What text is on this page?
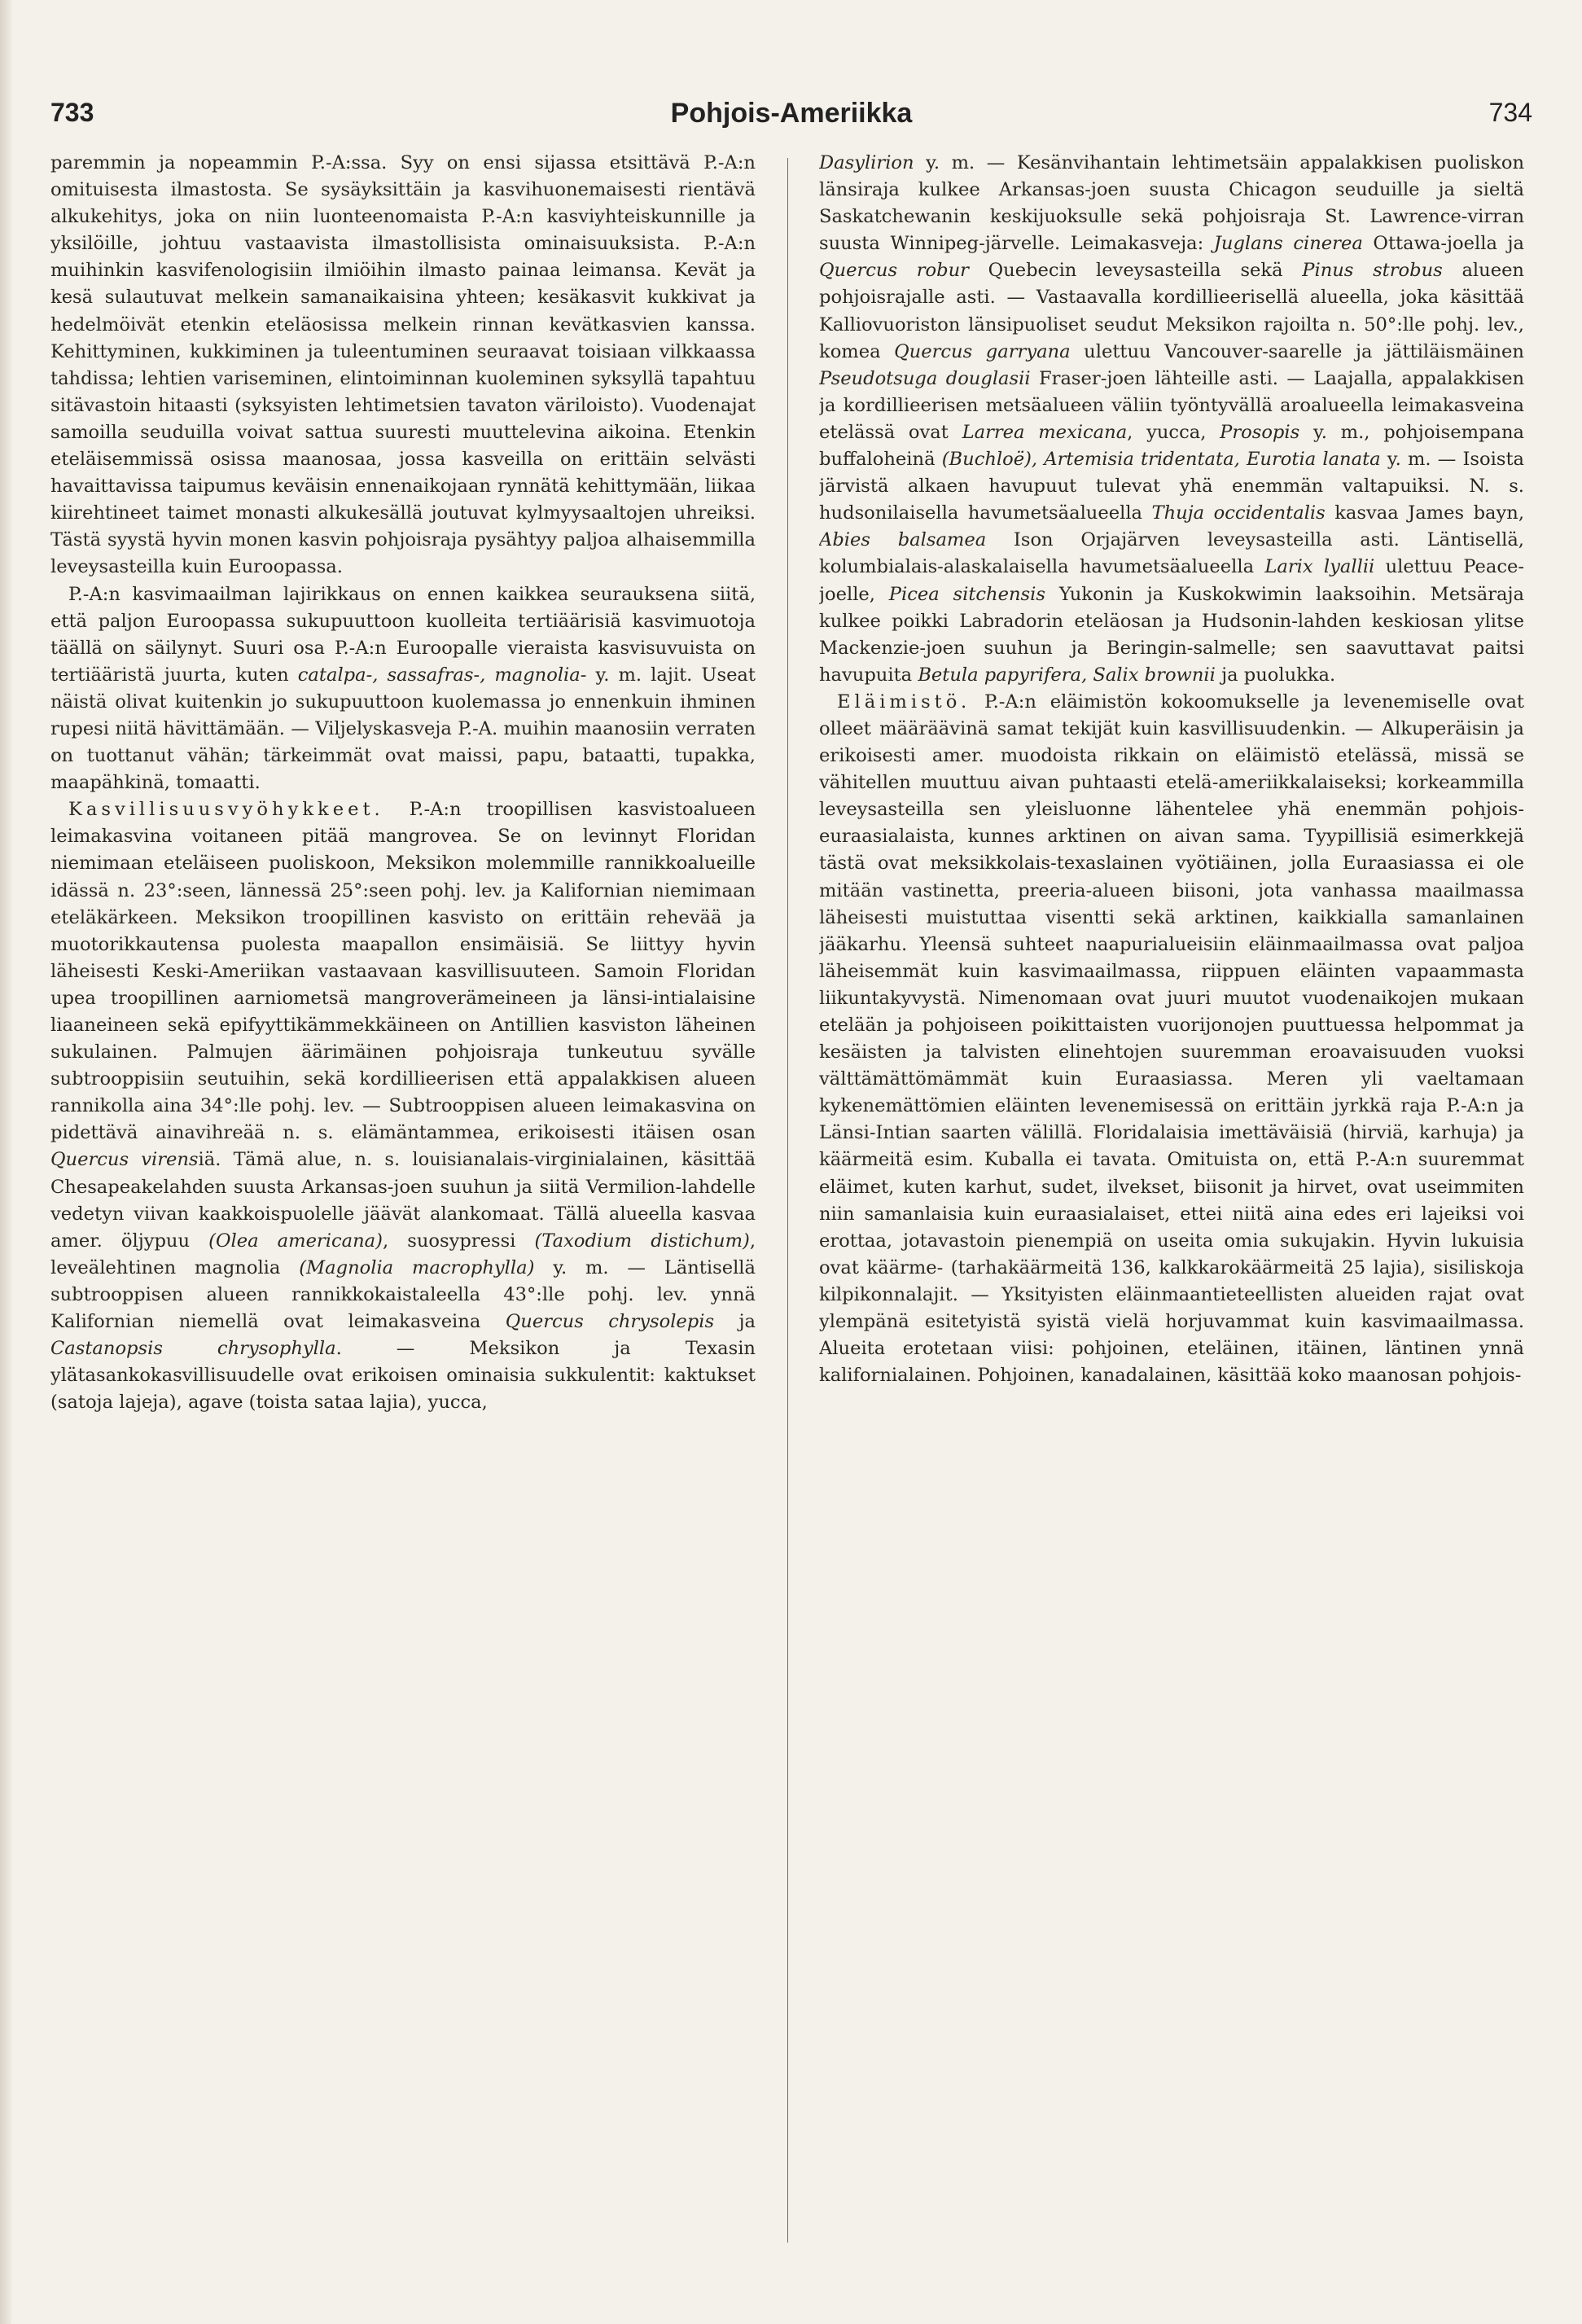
733	Pohjois-Ameriikka	734

paremmin ja nopeammin P.-A:ssa. Syy on ensi sijassa etsittävä P.-A:n omituisesta ilmastosta. Se sysäyksittäin ja kasvihuonemaisesti rientävä alkukehitys, joka on niin luonteenomaista P.-A:n kasviyhteiskunnille ja yksilöille, johtuu vastaavista ilmastollisista ominaisuuksista. P.-A:n muihinkin kasvifenologisiin ilmiöihin ilmasto painaa leimansa. Kevät ja kesä sulautuvat melkein samanaikaisina yhteen; kesäkasvit kukkivat ja hedelmöivät etenkin eteläosissa melkein rinnan kevätkasvien kanssa. Kehittyminen, kukkiminen ja tuleentuminen seuraavat toisiaan vilkkaassa tahdissa; lehtien variseminen, elintoiminnan kuoleminen syksyllä tapahtuu sitävastoin hitaasti (syksyisten lehtimetsien tavaton väriloisto). Vuodenajat samoilla seuduilla voivat sattua suuresti muuttelevina aikoina. Etenkin eteläisemmissä osissa maanosaa, jossa kasveilla on erittäin selvästi havaittavissa taipumus keväisin ennenaikojaan rynnätä kehittymään, liikaa kiirehtineet taimet monasti alkukesällä joutuvat kylmyysaaltojen uhreiksi. Tästä syystä hyvin monen kasvin pohjoisraja pysähtyy paljoa alhaisemmilla leveysasteilla kuin Euroopassa.

P.-A:n kasvimaailman lajirikkaus on ennen kaikkea seurauksena siitä, että paljon Euroopassa sukupuuttoon kuolleita tertiäärisiä kasvimuotoja täällä on säilynyt. Suuri osa P.-A:n Euroopalle vieraista kasvisuvuista on tertiääristä juurta, kuten catalpa-, sassafras-, magnolia- y. m. lajit. Useat näistä olivat kuitenkin jo sukupuuttoon kuolemassa jo ennenkuin ihminen rupesi niitä hävittämään. — Viljelyskasveja P.-A. muihin maanosiin verraten on tuottanut vähän; tärkeimmät ovat maissi, papu, bataatti, tupakka, maapähkinä, tomaatti.

Kasvillisuusvyöhykkeet. P.-A:n troopillisen kasvistoalueen leimakasvina voitaneen pitää mangrovea. Se on levinnyt Floridan niemimaan eteläiseen puoliskoon, Meksikon molemmille rannikkoalueille idässä n. 23°:seen, lännessä 25°:seen pohj. lev. ja Kalifornian niemimaan eteläkärkeen. Meksikon troopillinen kasvisto on erittäin rehevää ja muotorikkautensa puolesta maapallon ensimäisiä. Se liittyy hyvin läheisesti Keski-Ameriikan vastaavaan kasvillisuuteen. Samoin Floridan upea troopillinen aarniometsä mangroverämeineen ja länsi-intialaisine liaaneineen sekä epifyyttikämmekkäineen on Antillien kasviston läheinen sukulainen. Palmujen äärimäinen pohjoisraja tunkeutuu syvälle subtrooppisiin seutuihin, sekä kordillieerisen että appalakkisen alueen rannikolla aina 34°:lle pohj. lev. — Subtrooppisen alueen leimakasvina on pidettävä ainavihreää n. s. elämäntammea, erikoisesti itäisen osan Quercus virensiä. Tämä alue, n. s. louisianalais-virginialainen, käsittää Chesapeakelahden suusta Arkansas-joen suuhun ja siitä Vermilion-lahdelle vedetyn viivan kaakkoispuolelle jäävät alankomaat. Tällä alueella kasvaa amer. öljypuu (Olea americana), suosypressi (Taxodium distichum), leveälehtinen magnolia (Magnolia macrophylla) y. m. — Läntisellä subtrooppisen alueen rannikkokaistaleella 43°:lle pohj. lev. ynnä Kalifornian niemellä ovat leimakasveina Quercus chrysolepis ja Castanopsis chrysophylla. — Meksikon ja Texasin ylätasankokasvillisuudelle ovat erikoisen ominaisia sukkulentit: kaktukset (satoja lajeja), agave (toista sataa lajia), yucca,

Dasylirion y. m. — Kesänvihantain lehtimetsäin appalakkisen puoliskon länsiraja kulkee Arkansas-joen suusta Chicagon seuduille ja sieltä Saskatchewanin keskijuoksulle sekä pohjoisraja St. Lawrence-virran suusta Winnipeg-järvelle. Leimakasveja: Juglans cinerea Ottawa-joella ja Quercus robur Quebecin leveysasteilla sekä Pinus strobus alueen pohjoisrajalle asti. — Vastaavalla kordillieerisellä alueella, joka käsittää Kalliovuoriston länsipuoliset seudut Meksikon rajoilta n. 50°:lle pohj. lev., komea Quercus garryana ulettuu Vancouver-saarelle ja jättiläismäinen Pseudotsuga douglasii Fraser-joen lähteille asti. — Laajalla, appalakkisen ja kordillieerisen metsäalueen väliin työntyvällä aroalueella leimakasveina etelässä ovat Larrea mexicana, yucca, Prosopis y. m., pohjoisempana buffaloheinä (Buchloë), Artemisia tridentata, Eurotia lanata y. m. — Isoista järvistä alkaen havupuut tulevat yhä enemmän valtapuiksi. N. s. hudsonilaisella havumetsäalueella Thuja occidentalis kasvaa James bayn, Abies balsamea Ison Orjajärven leveysasteilla asti. Läntisellä, kolumbialais-alaskalaisella havumetsäalueella Larix lyallii ulettuu Peace-joelle, Picea sitchensis Yukonin ja Kuskokwimin laaksoihin. Metsäraja kulkee poikki Labradorin eteläosan ja Hudsonin-lahden keskiosan ylitse Mackenzie-joen suuhun ja Beringin-salmelle; sen saavuttavat paitsi havupuita Betula papyrifera, Salix brownii ja puolukka.

Eläimistö. P.-A:n eläimistön kokoomukselle ja levenemiselle ovat olleet määräävinä samat tekijät kuin kasvillisuudenkin. — Alkuperäisin ja erikoisesti amer. muodoista rikkain on eläimistö etelässä, missä se vähitellen muuttuu aivan puhtaasti etelä-ameriikkalaiseksi; korkeammilla leveysasteilla sen yleisluonne lähentelee yhä enemmän pohjois-euraasialaista, kunnes arktinen on aivan sama. Tyypillisiä esimerkkejä tästä ovat meksikkolais-texaslainen vyötiäinen, jolla Euraasiassa ei ole mitään vastinetta, preeria-alueen biisoni, jota vanhassa maailmassa läheisesti muistuttaa visentti sekä arktinen, kaikkialla samanlainen jääkarhu. Yleensä suhteet naapurialueisiin eläinmaailmassa ovat paljoa läheisemmät kuin kasvimaailmassa, riippuen eläinten vapaammasta liikuntakyvystä. Nimenomaan ovat juuri muutot vuodenaikojen mukaan etelään ja pohjoiseen poikittaisten vuorijonojen puuttuessa helpommat ja kesäisten ja talvisten elinehtojen suuremman eroavaisuuden vuoksi välttämättömämmät kuin Euraasiassa. Meren yli vaeltamaan kykenemättömien eläinten levenemisessä on erittäin jyrkkä raja P.-A:n ja Länsi-Intian saarten välillä. Floridalaisia imettäväisiä (hirviä, karhuja) ja käärmeitä esim. Kuballa ei tavata. Omituista on, että P.-A:n suuremmat eläimet, kuten karhut, sudet, ilvekset, biisonit ja hirvet, ovat useimmiten niin samanlaisia kuin euraasialaiset, ettei niitä aina edes eri lajeiksi voi erottaa, jotavastoin pienempiä on useita omia sukujakin. Hyvin lukuisia ovat käärme- (tarhakäärmeitä 136, kalkkarokäärmeitä 25 lajia), sisiliskoja kilpikonnalajit. — Yksityisten eläinmaantieteellisten alueiden rajat ovat ylempänä esitetyistä syistä vielä horjuvammat kuin kasvimaailmassa. Alueita erotetaan viisi: pohjoinen, eteläinen, itäinen, läntinen ynnä kalifornialainen. Pohjoinen, kanadalainen, käsittää koko maanosan pohjois-
